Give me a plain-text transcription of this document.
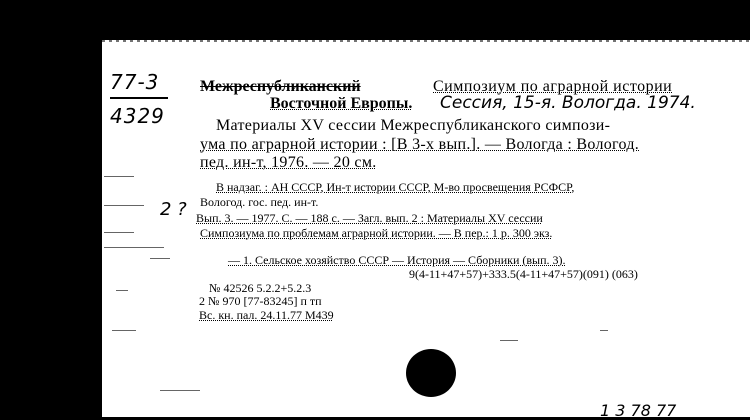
77-3
4329
Межреспубликанский	Симпозиум по аграрной истории
Восточной Европы. Сессия, 15-я. Вологда. 1974.
Материалы XV сессии Межреспубликанского симпози-
ума по аграрной истории : [В 3-х вып.]. — Вологда : Вологод.
пед. ин-т, 1976. — 20 см.
В надзаг. : АН СССР, Ин-т истории СССР, М-во просвещения РСФСР,
Вологод. гос. пед. ин-т.
2 ? Вып. 3. — 1977. С. — 188 с. — Загл. вып. 2 : Материалы XV сессии
Симпозиума по проблемам аграрной истории. — В пер.: 1 р. 300 экз.
— 1. Сельское хозяйство СССР — История — Сборники (вып. 3).
9(4-11+47+57)+333.5(4-11+47+57)(091) (063)
№ 42526 5.2.2+5.2.3
2 № 970 [77-83245] п тп
Вс. кн. пал. 24.11.77 М439
1 3 78 77
